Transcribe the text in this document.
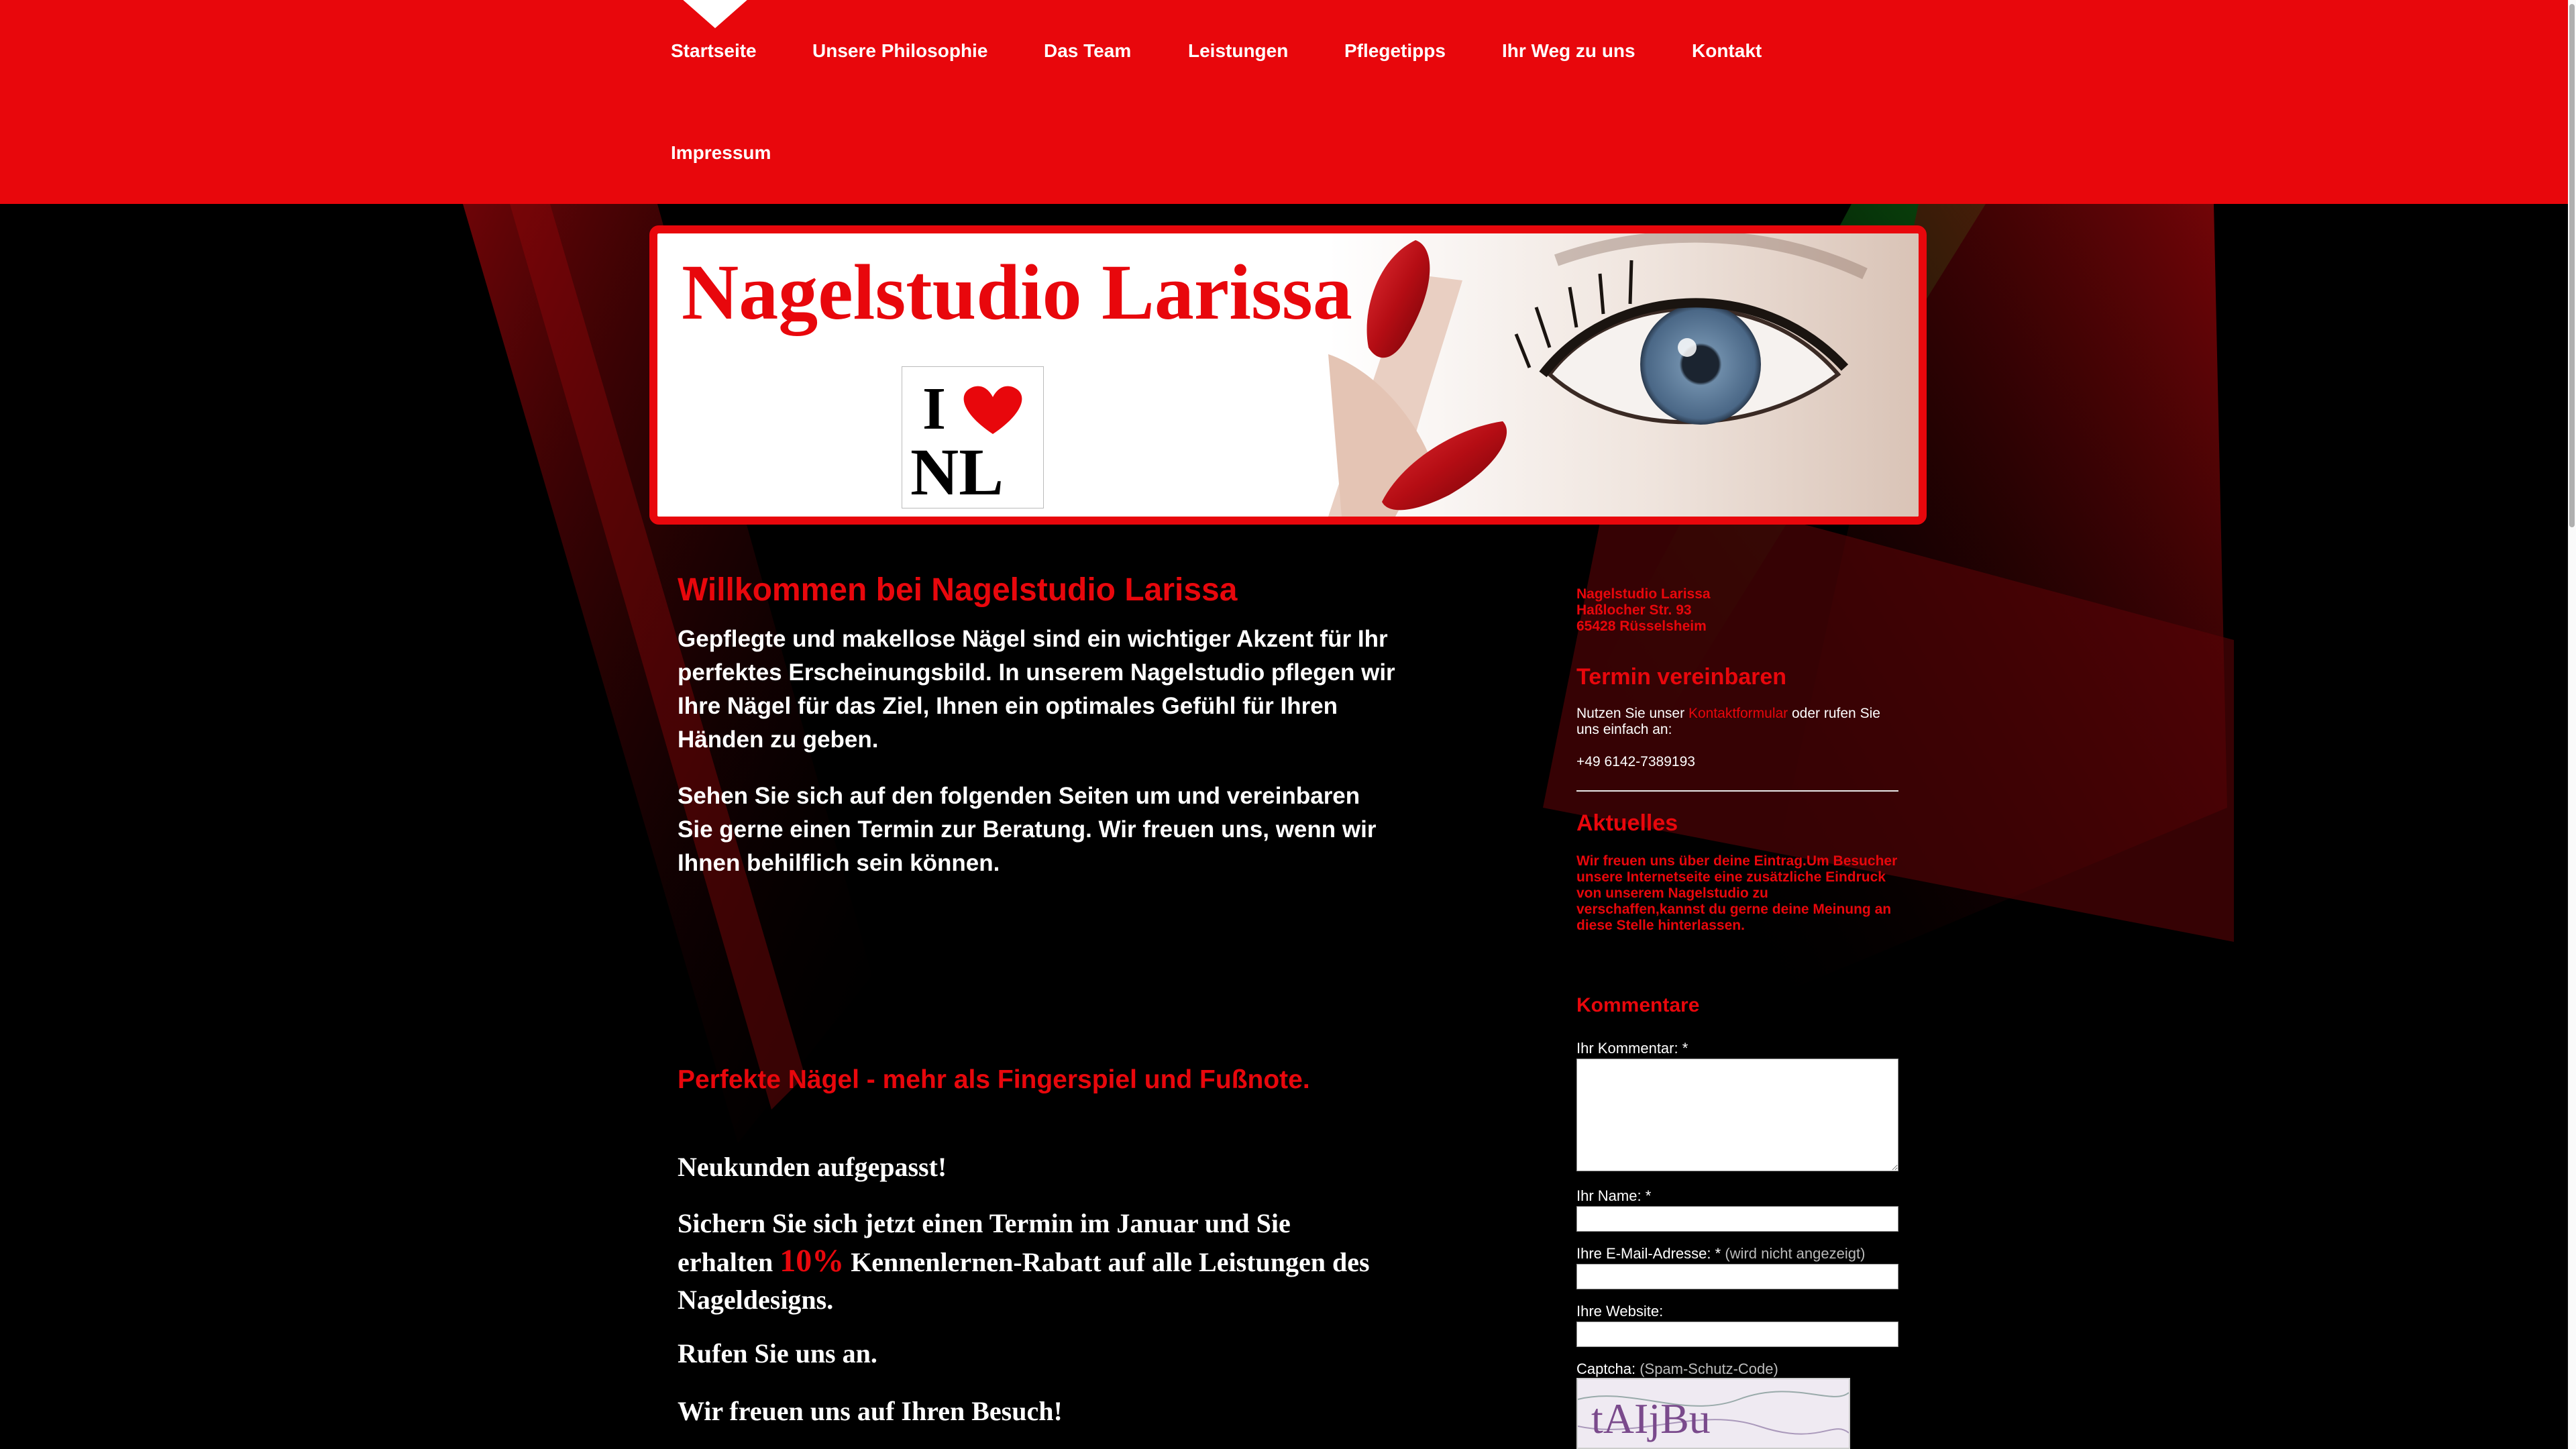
Startseite	Unsere Philosophie	Das Team	Leistungen	Pflegetipps	Ihr Weg zu uns	Kontakt
Impressum
Nagelstudio Larissa
I
NL
Willkommen bei Nagelstudio Larissa
Gepflegte und makellose Nägel sind ein wichtiger Akzent für Ihr perfektes Erscheinungsbild. In unserem Nagelstudio pflegen wir Ihre Nägel für das Ziel, Ihnen ein optimales Gefühl für Ihren Händen zu geben.
Sehen Sie sich auf den folgenden Seiten um und vereinbaren Sie gerne einen Termin zur Beratung. Wir freuen uns, wenn wir Ihnen behilflich sein können.
Perfekte Nägel - mehr als Fingerspiel und Fußnote.
Neukunden aufgepasst!
Sichern Sie sich jetzt einen Termin im Januar und Sie erhalten 10% Kennenlernen-Rabatt auf alle Leistungen des Nageldesigns.
Rufen Sie uns an.
Wir freuen uns auf Ihren Besuch!
Nagelstudio Larissa
Haßlocher Str. 93
65428 Rüsselsheim
Termin vereinbaren
Nutzen Sie unser Kontaktformular oder rufen Sie uns einfach an:
+49 6142-7389193
Aktuelles
Wir freuen uns über deine Eintrag.Um Besucher unsere Internetseite eine zusätzliche Eindruck von unserem Nagelstudio zu verschaffen,kannst du gerne deine Meinung an diese Stelle hinterlassen.
Kommentare
Ihr Kommentar: *
Ihr Name: *
Ihre E-Mail-Adresse: * (wird nicht angezeigt)
Ihre Website:
Captcha: (Spam-Schutz-Code)
tAIjBu
